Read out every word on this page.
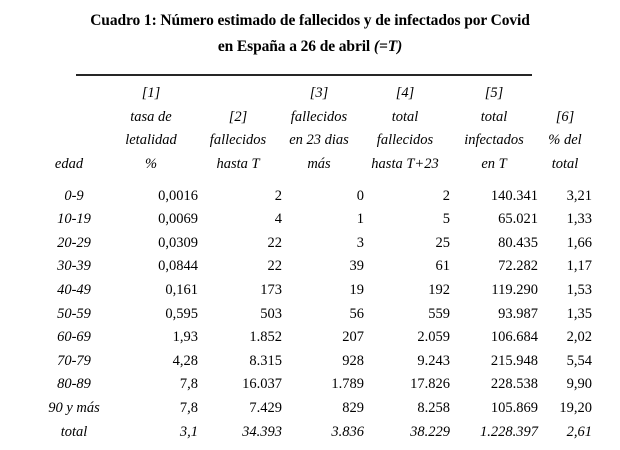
Cuadro 1: Número estimado de fallecidos y de infectados por Covid
en España a 26 de abril (=T)
	[1]		[3]	[4]	[5]	
	tasa de	[2]	fallecidos	total	total	[6]
	letalidad	fallecidos	en 23 dias	fallecidos	infectados	% del
edad	%	hasta T	más	hasta T+23	en T	total

0-9	0,0016	2	0	2	140.341	3,21
10-19	0,0069	4	1	5	65.021	1,33
20-29	0,0309	22	3	25	80.435	1,66
30-39	0,0844	22	39	61	72.282	1,17
40-49	0,161	173	19	192	119.290	1,53
50-59	0,595	503	56	559	93.987	1,35
60-69	1,93	1.852	207	2.059	106.684	2,02
70-79	4,28	8.315	928	9.243	215.948	5,54
80-89	7,8	16.037	1.789	17.826	228.538	9,90
90 y más	7,8	7.429	829	8.258	105.869	19,20
total	3,1	34.393	3.836	38.229	1.228.397	2,61
